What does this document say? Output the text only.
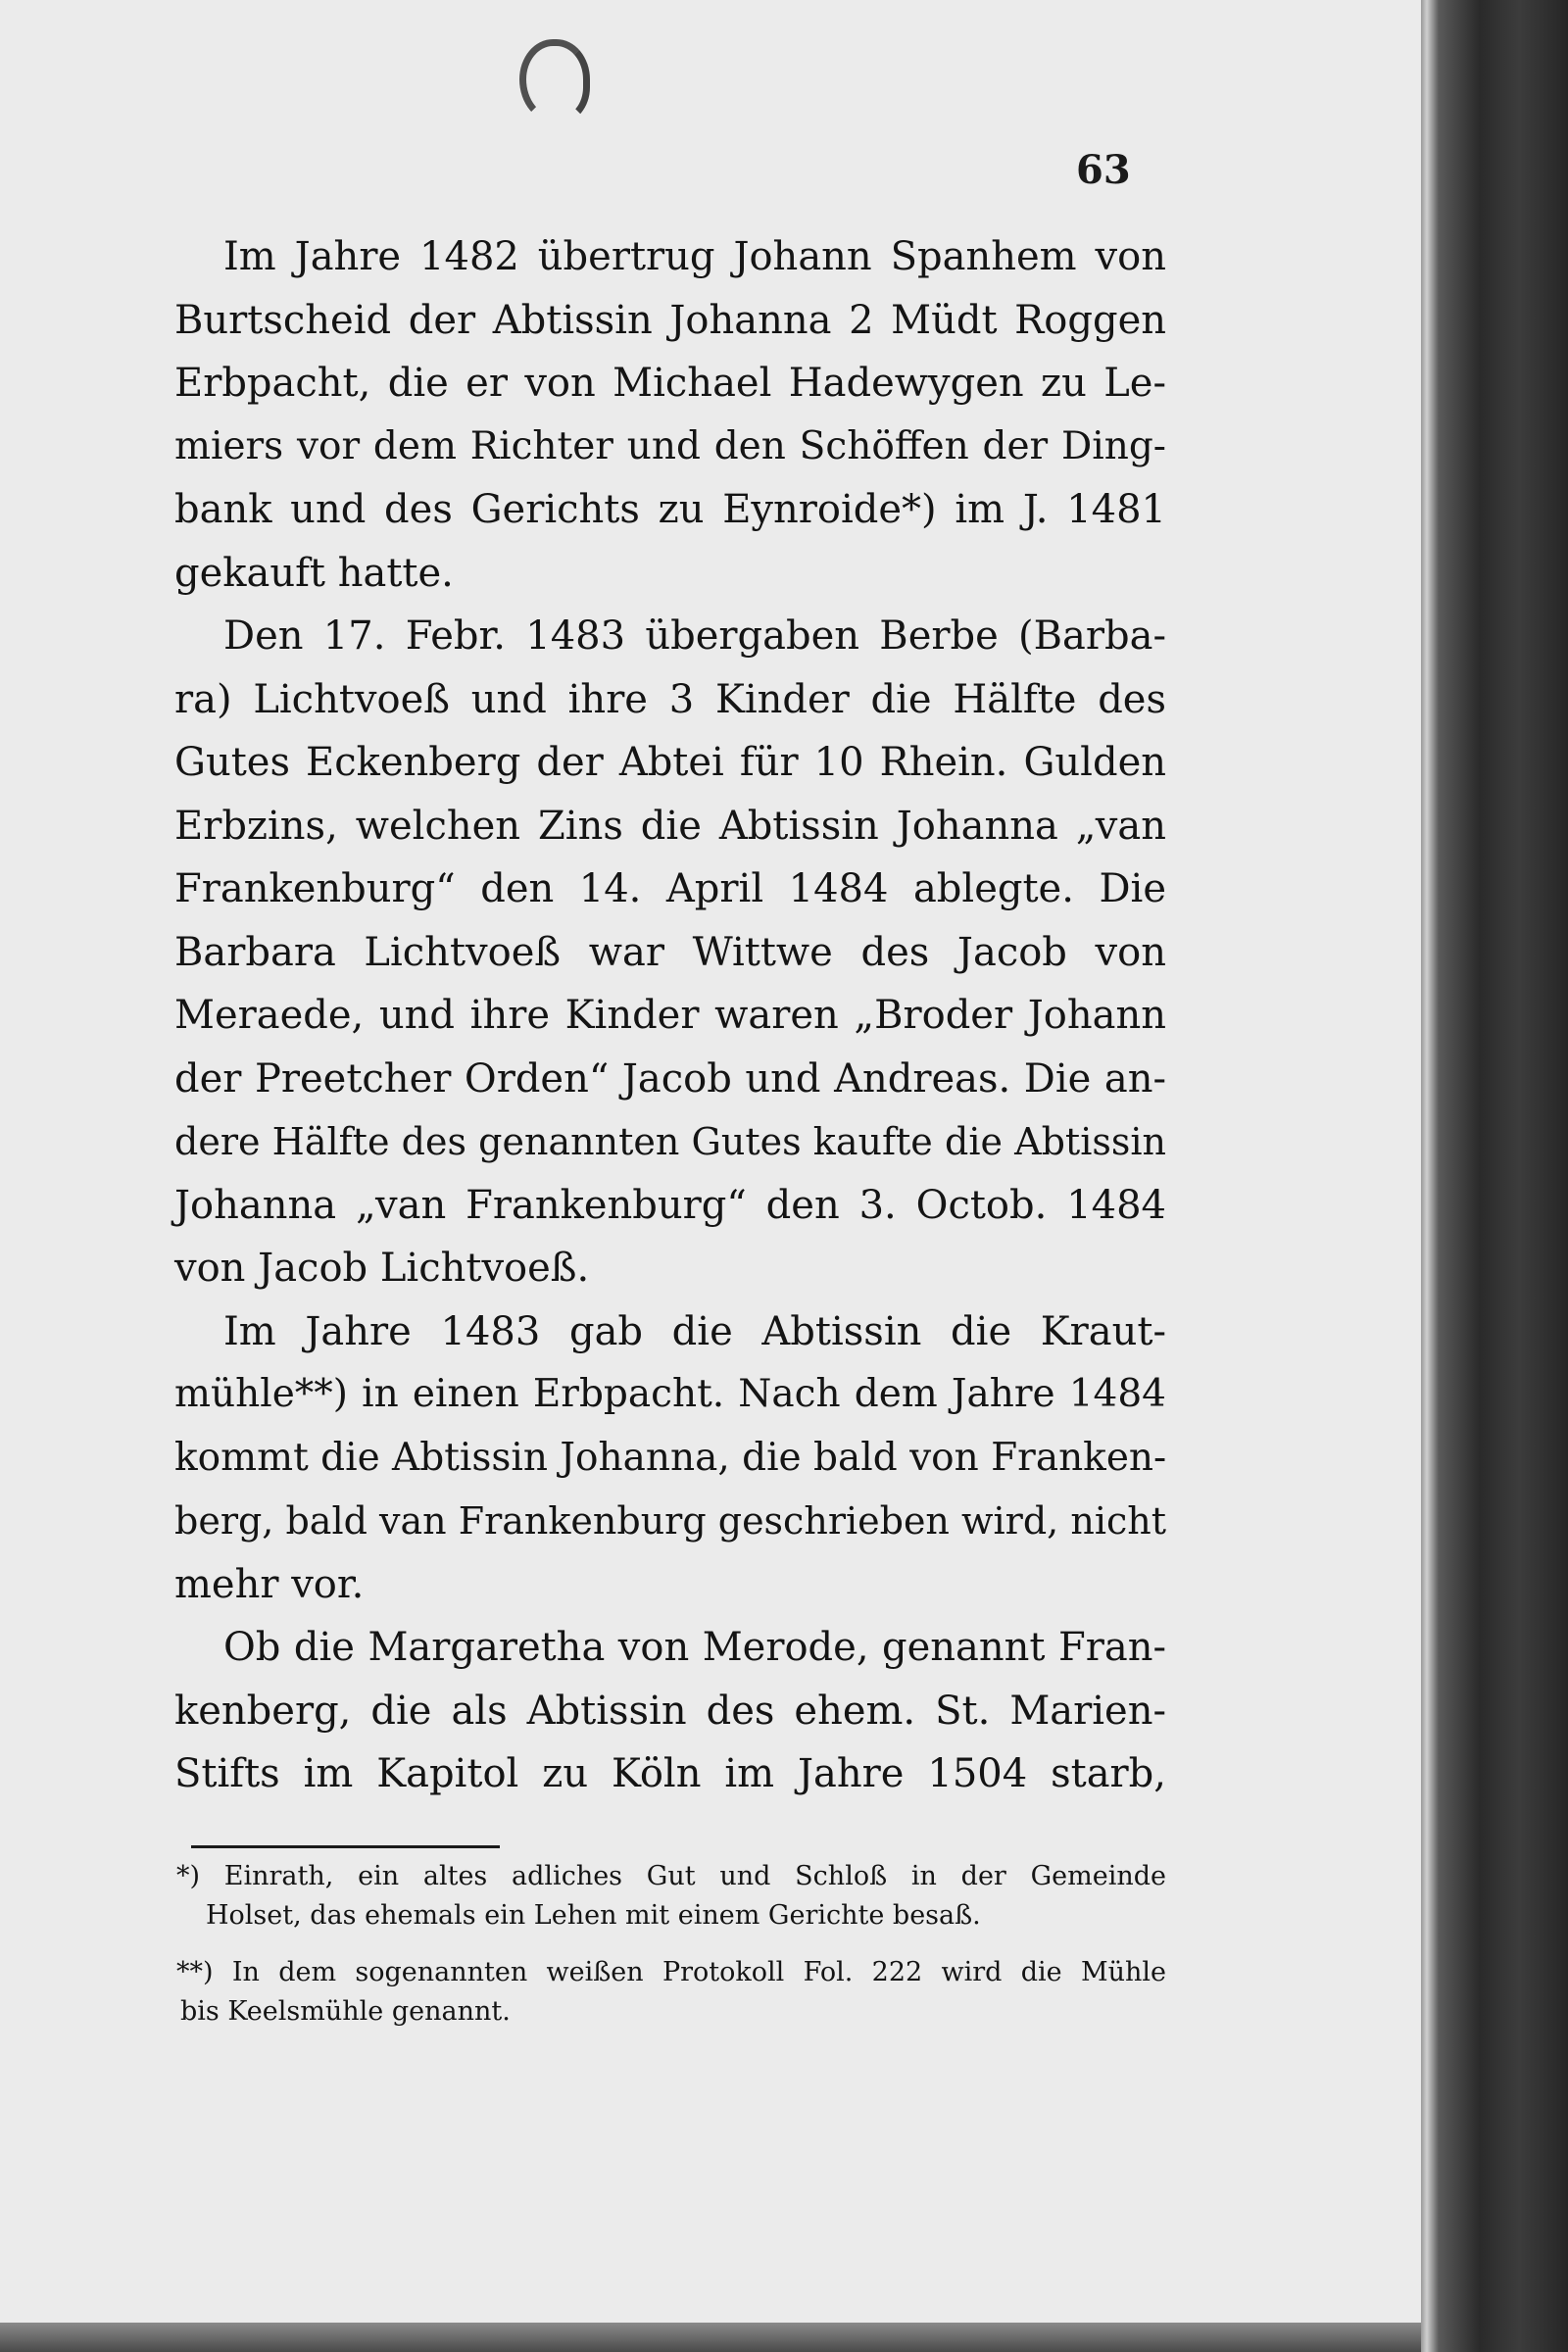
63
Im Jahre 1482 übertrug Johann Spanhem von
Burtscheid der Abtissin Johanna 2 Müdt Roggen
Erbpacht, die er von Michael Hadewygen zu Le-
miers vor dem Richter und den Schöffen der Ding-
bank und des Gerichts zu Eynroide*) im J. 1481
gekauft hatte.
Den 17. Febr. 1483 übergaben Berbe (Barba-
ra) Lichtvoeß und ihre 3 Kinder die Hälfte des
Gutes Eckenberg der Abtei für 10 Rhein. Gulden
Erbzins, welchen Zins die Abtissin Johanna „van
Frankenburg“ den 14. April 1484 ablegte. Die
Barbara Lichtvoeß war Wittwe des Jacob von
Meraede, und ihre Kinder waren „Broder Johann
der Preetcher Orden“ Jacob und Andreas. Die an-
dere Hälfte des genannten Gutes kaufte die Abtissin
Johanna „van Frankenburg“ den 3. Octob. 1484
von Jacob Lichtvoeß.
Im Jahre 1483 gab die Abtissin die Kraut-
mühle**) in einen Erbpacht. Nach dem Jahre 1484
kommt die Abtissin Johanna, die bald von Franken-
berg, bald van Frankenburg geschrieben wird, nicht
mehr vor.
Ob die Margaretha von Merode, genannt Fran-
kenberg, die als Abtissin des ehem. St. Marien-
Stifts im Kapitol zu Köln im Jahre 1504 starb,
*) Einrath, ein altes adliches Gut und Schloß in der Gemeinde
Holset, das ehemals ein Lehen mit einem Gerichte besaß.
**) In dem sogenannten weißen Protokoll Fol. 222 wird die Mühle
bis Keelsmühle genannt.
